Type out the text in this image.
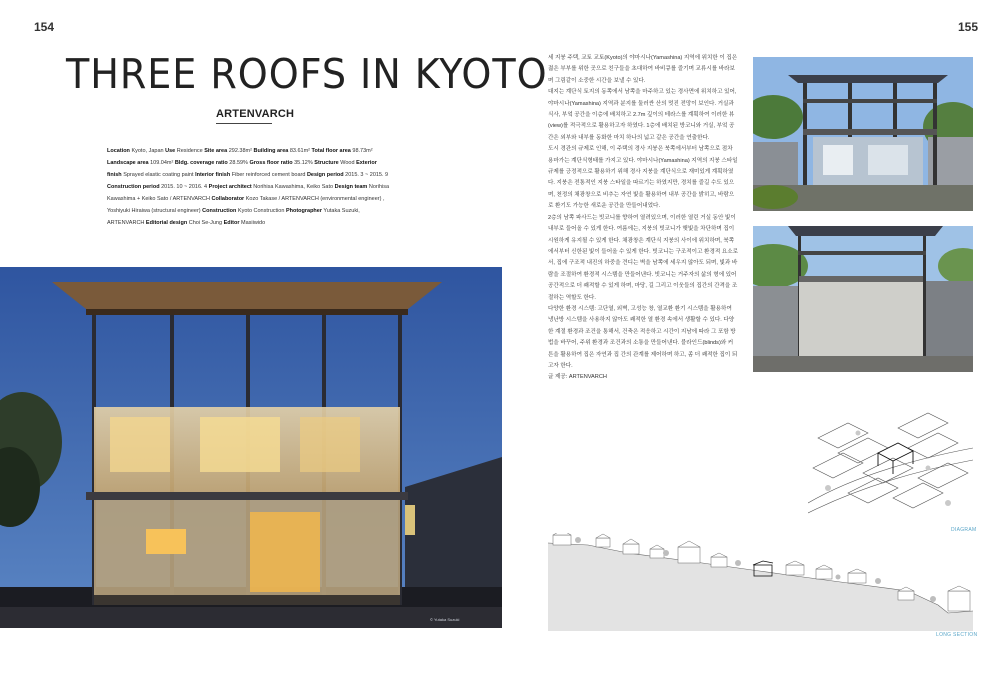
154	155
THREE ROOFS IN KYOTO
ARTENVARCH
Location Kyoto, Japan Use Residence Site area 292.38m² Building area 83.61m² Total floor area 98.73m² Landscape area 109.04m² Bldg. coverage ratio 28.59% Gross floor ratio 35.12% Structure Wood Exterior finish Sprayed elastic coating paint Interior finish Fiber reinforced cement board Design period 2015. 3 ~ 2015. 9 Construction period 2015. 10 ~ 2016. 4 Project architect Norihisa Kawashima, Keiko Sato Design team Norihisa Kawashima + Keiko Sato / ARTENVARCH Collaborator Kozo Takase / ARTENVARCH (environmental engineer) , Yoshiyuki Hiraiwa (structural engineer) Construction Kyoto Construction Photographer Yutaka Suzuki, ARTENVARCH Editorial design Choi Se-Jung Editor Masiiwido
© Yutaka Suzuki

세 지붕 주택, 교토 교토(Kyoto)의 야마시나(Yamashina) 지역에 위치한 이 집은 젊은 부부를 위한 곳으로 친구들을 초대하여 바비큐를 즐기며 교류시를 바라보며 그림같이 소중한 시간을 보낼 수 있다.

대지는 계단식 토지의 동쪽에서 남쪽을 마주하고 있는 경사면에 위치하고 있어, 야마시나(Yamashina) 지역과 분지를 둘러싼 산의 멋진 전망이 보인다. 거실과 식사, 부엌 공간을 이층에 배치하고 2.7m 깊이의 테라스를 계획하여 이러한 뷰(view)를 적극적으로 활용하고자 하였다. 1층에 배치된 방코니와 거실, 부엌 공간은 외부와 내부를 동화한 마치 하나의 넓고 같은 공간을 연출한다.

도시 경관의 규제로 인해, 이 주택의 경사 지붕은 북쪽에서부터 남쪽으로 점차 용마가는 계단식형태를 가지고 있다. 야마시나(Yamashina) 지역의 지붕 스타일 규제를 긍정적으로 활용하기 위해 경사 지붕을 계단식으로 재미있게 계획하였다. 지붕은 전통적인 지붕 스타일을 따르기는 하였지만, 경치를 즐길 수도 있으며, 천정의 채광창으로 비추는 자연 빛을 활용하여 내부 공간을 밝히고, 바람으로 환기도 가능한 새로운 공간을 만들어내었다.

2층의 남쪽 파사드는 빗코니를 향하여 열려있으며, 이러한 열린 거실 동안 빛이 내부로 들어올 수 있게 한다. 여름에는, 지붕의 빗코니가 햇빛을 차단하며 집이 시원하게 유지될 수 있게 한다. 채광창은 계단식 지붕의 사이에 위치하며, 북쪽에서부터 신한된 빛이 들어올 수 있게 한다. 빗코니는 구조적이고 환경적 요소로서, 집에 구조적 내진의 하중을 견디는 벽을 남쪽에 세우지 않아도 되며, 빛과 바람을 조절하여 환경적 시스템을 만들어낸다. 빗코니는 거주자의 삶의 형에 있어 공간적으로 더 쾌적할 수 있게 하며, 마당, 길 그리고 이웃들의 집간의 간격을 조절하는 역할도 한다.

다양한 환경 시스템: 고단열, 외벽, 고성능 창, 열교환 환기 시스템을 활용하여 냉난방 시스템을 사용하지 않아도 쾌적한 열 환경 속에서 생활할 수 있다. 다양한 계절 환경과 조건을 통해서, 건축은 적응하고 시간이 지남에 따라 그 포함 방법을 바꾸어, 주위 환경과 조건과의 소통을 만들어낸다. 블라인드(blinds)와 커튼을 활용하여 집은 자연과 집 간의 관계를 제어하며 하고, 좀 더 쾌적한 집이 되고자 한다.

글 제공: ARTENVARCH

DIAGRAM
LONG SECTION
